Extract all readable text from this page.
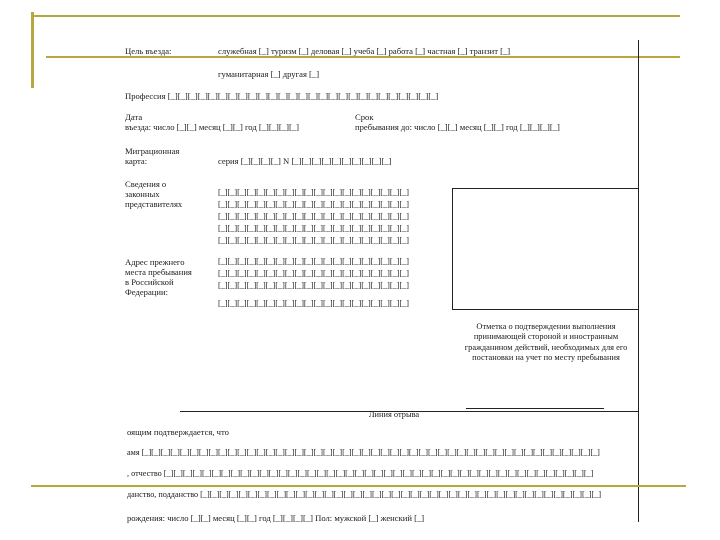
Цель въезда:	служебная [_] туризм [_] деловая [_] учеба [_] работа [_] частная [_] транзит [_]
гуманитарная [_] другая [_]
Профессия [_][_][_][_][_][_][_][_][_][_][_][_][_][_][_][_][_][_][_][_][_][_][_][_][_][_][_]
Дата
въезда: число [_][_] месяц [_][_] год [_][_][_][_]
Срок
пребывания до: число [_][_] месяц [_][_] год [_][_][_][_]
Миграционная
карта:	серия [_][_][_][_] N [_][_][_][_][_][_][_][_][_][_]
Сведения о
законных
представителях
[_][_][_][_][_][_][_][_][_][_][_][_][_][_][_][_][_][_][_][_]
[_][_][_][_][_][_][_][_][_][_][_][_][_][_][_][_][_][_][_][_]
[_][_][_][_][_][_][_][_][_][_][_][_][_][_][_][_][_][_][_][_]
[_][_][_][_][_][_][_][_][_][_][_][_][_][_][_][_][_][_][_][_]
[_][_][_][_][_][_][_][_][_][_][_][_][_][_][_][_][_][_][_][_]
Адрес прежнего
места пребывания
в Российской
Федерации:
[_][_][_][_][_][_][_][_][_][_][_][_][_][_][_][_][_][_][_][_]
[_][_][_][_][_][_][_][_][_][_][_][_][_][_][_][_][_][_][_][_]
[_][_][_][_][_][_][_][_][_][_][_][_][_][_][_][_][_][_][_][_]
[_][_][_][_][_][_][_][_][_][_][_][_][_][_][_][_][_][_][_][_]
Отметка о подтверждении выполнения принимающей стороной и иностранным гражданином действий, необходимых для его постановки на учет по месту пребывания
Линия отрыва
оящим подтверждается, что
амя [_][_][_][_][_][_][_][_][_][_][_][_][_][_][_][_][_][_][_][_][_][_][_][_][_][_][_][_][_][_][_][_][_][_][_][_][_][_][_][_][_][_][_][_][_][_][_][_]
, отчество [_][_][_][_][_][_][_][_][_][_][_][_][_][_][_][_][_][_][_][_][_][_][_][_][_][_][_][_][_][_][_][_][_][_][_][_][_][_][_][_][_][_][_][_][_]
данство, подданство [_][_][_][_][_][_][_][_][_][_][_][_][_][_][_][_][_][_][_][_][_][_][_][_][_][_][_][_][_][_][_][_][_][_][_][_][_][_][_][_][_][_]
рождения: число [_][_] месяц [_][_] год [_][_][_][_] Пол: мужской [_] женский [_]
